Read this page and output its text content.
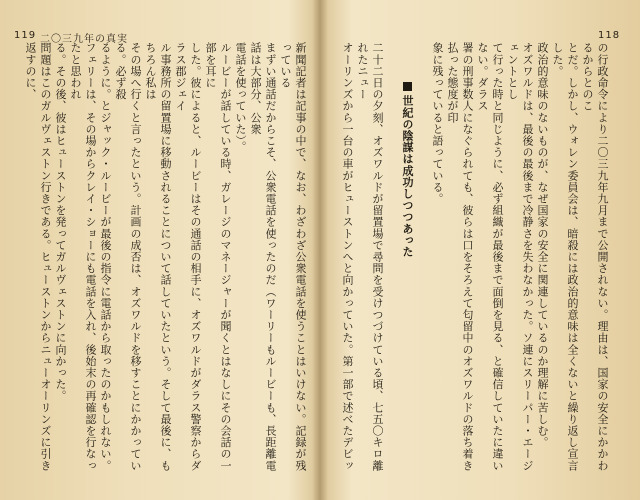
119 二〇三九年の真実	118
の行政命令により二〇三九年九月まで公開されない。理由は、国家の安全にかかわるからとのこ
とだ。しかし、ウォレン委員会は、暗殺には政治的意味は全くないと繰り返し宣言した。
政治的意味のないものが、なぜ国家の安全に関連しているのか理解に苦しむ。
オズワルドは、最後の最後まで冷静さを失わなかった。ソ連にスリーパー・エージェントとし
て行った時と同じように、必ず組織が最後まで面倒を見る、と確信していたに違いない。ダラス
署の刑事数人になぐられても、彼らは口をそろえて匂留中のオズワルドの落ち着き払った態度が印
象に残っていると語っている。
世紀の陰謀は成功しつつあった
二十二日の夕刻、オズワルドが留置場で尋問を受けつづけている頃、七五〇キロ離れたニュー
オーリンズから一台の車がヒューストンへと向かっていた。第一部で述べたデビッ
新聞記者は記事の中で、なお、わざわざ公衆電話を使うことはいけない。記録が残っている
まずい通話だからこそ、公衆電話を使ったのだ（ワーリーもルービーも、長距離電話は大部分、公衆
電話を使っていた）。
ルービーが話している時、ガレージのマネージャーが聞くとはなしにその会話の一部を耳に
した。彼によると、ルービーはその通話の相手に、オズワルドがダラス警察からダラス郡ジェイ
ル事務所の留置場に移動されることについて話していたという。そして最後に、もちろん私は
その場へ行くと言ったという。計画の成否は、オズワルドを移すことにかかっている。必ず殺
るように。とジャック・ルービーが最後の指令に電話から取ったのかもしれない。
フェリーは、その場からクレイ・ショーにも電話を入れ、後始末の再確認を行なったと思われ
る。その後、彼はヒューストンを発ってガルヴェストンに向かった。
問題はこのガルヴェストン行きである。ヒューストンからニューオーリンズに引き返すのに、
